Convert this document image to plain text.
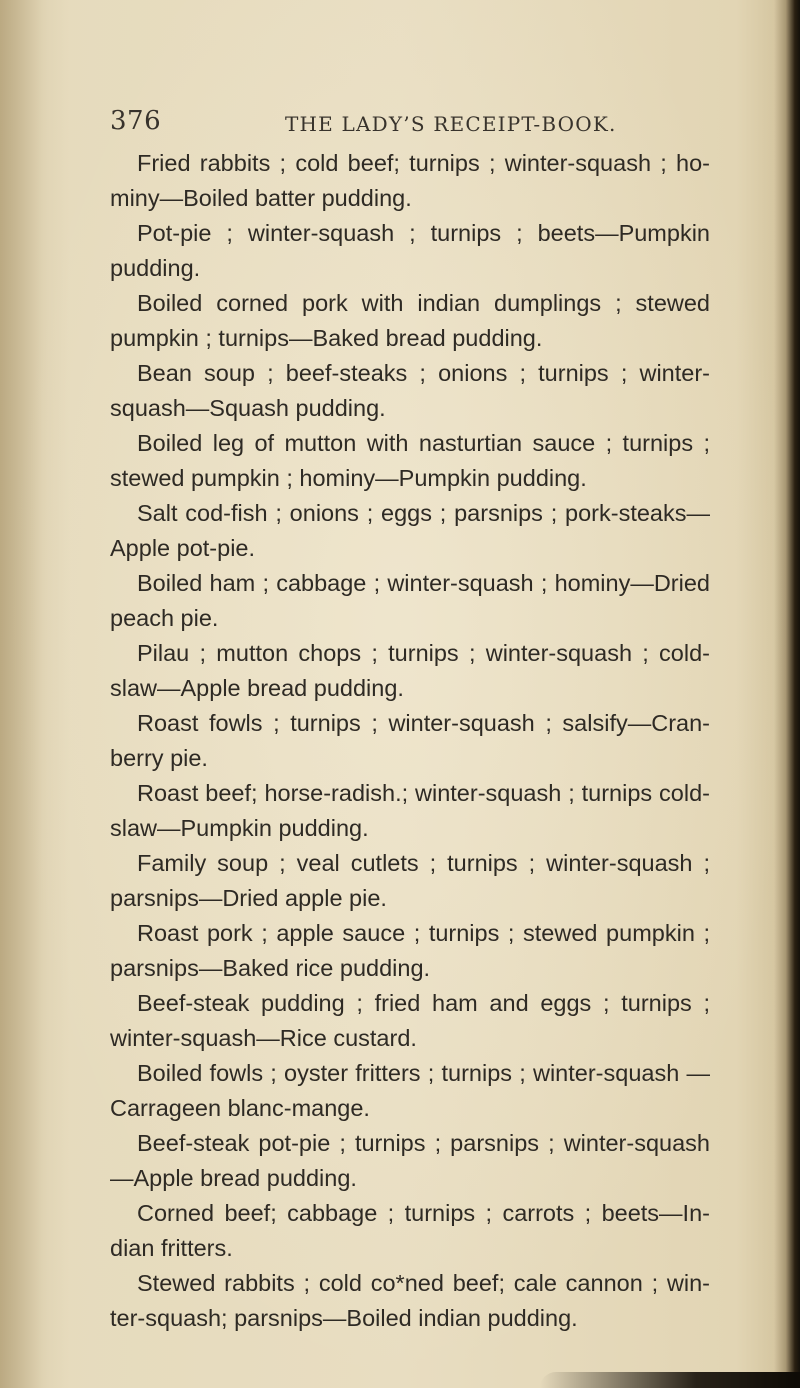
376	THE LADY’S RECEIPT-BOOK.

Fried rabbits ; cold beef; turnips ; winter-squash ; ho-miny—Boiled batter pudding.

Pot-pie ; winter-squash ; turnips ; beets—Pumpkin pudding.

Boiled corned pork with indian dumplings ; stewed pumpkin ; turnips—Baked bread pudding.

Bean soup ; beef-steaks ; onions ; turnips ; winter-squash—Squash pudding.

Boiled leg of mutton with nasturtian sauce ; turnips ; stewed pumpkin ; hominy—Pumpkin pudding.

Salt cod-fish ; onions ; eggs ; parsnips ; pork-steaks—Apple pot-pie.

Boiled ham ; cabbage ; winter-squash ; hominy—Dried peach pie.

Pilau ; mutton chops ; turnips ; winter-squash ; cold-slaw—Apple bread pudding.

Roast fowls ; turnips ; winter-squash ; salsify—Cran-berry pie.

Roast beef; horse-radish.; winter-squash ; turnips cold-slaw—Pumpkin pudding.

Family soup ; veal cutlets ; turnips ; winter-squash ; parsnips—Dried apple pie.

Roast pork ; apple sauce ; turnips ; stewed pumpkin ; parsnips—Baked rice pudding.

Beef-steak pudding ; fried ham and eggs ; turnips ; winter-squash—Rice custard.

Boiled fowls ; oyster fritters ; turnips ; winter-squash —Carrageen blanc-mange.

Beef-steak pot-pie ; turnips ; parsnips ; winter-squash —Apple bread pudding.

Corned beef; cabbage ; turnips ; carrots ; beets—In-dian fritters.

Stewed rabbits ; cold co*ned beef; cale cannon ; win-ter-squash; parsnips—Boiled indian pudding.
